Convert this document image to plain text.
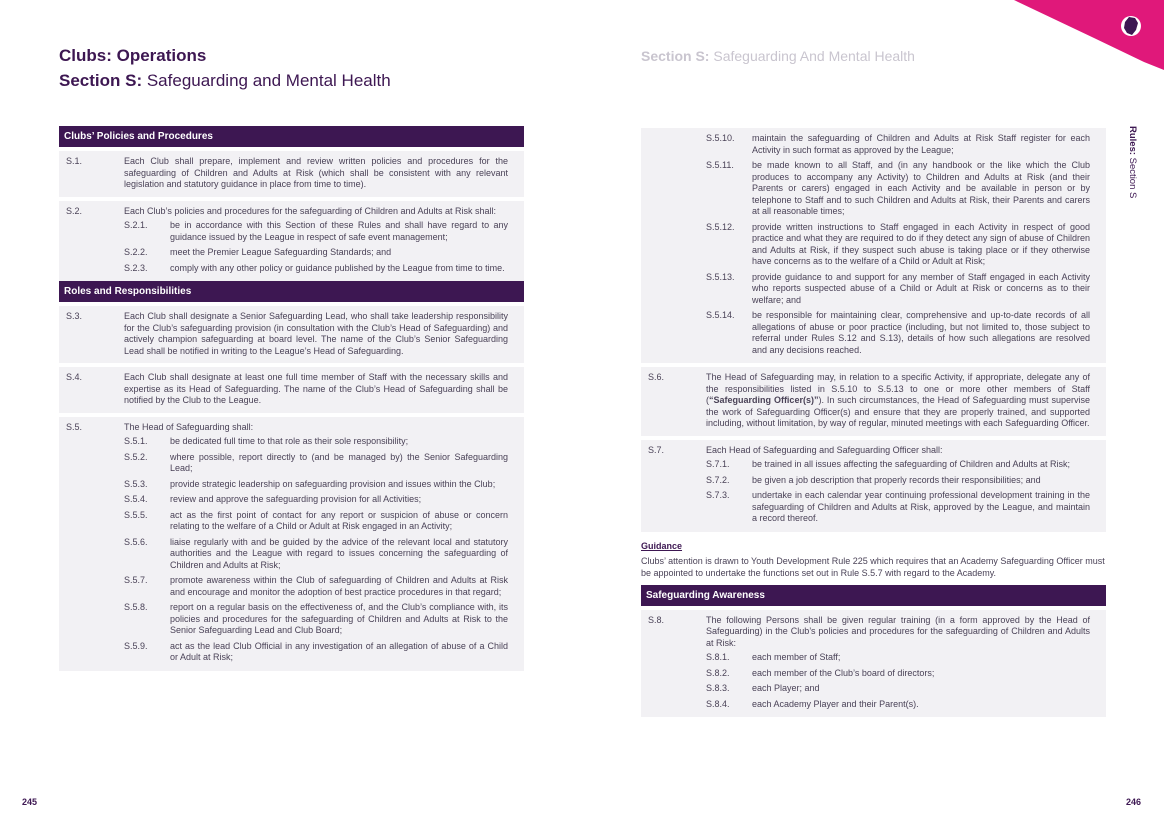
Clubs: Operations
Section S: Safeguarding and Mental Health
Section S: Safeguarding And Mental Health
Rules: Section S
Clubs’ Policies and Procedures
S.1.	Each Club shall prepare, implement and review written policies and procedures for the safeguarding of Children and Adults at Risk (which shall be consistent with any relevant legislation and statutory guidance in place from time to time).
S.2.	Each Club’s policies and procedures for the safeguarding of Children and Adults at Risk shall:
S.2.1. be in accordance with this Section of these Rules and shall have regard to any guidance issued by the League in respect of safe event management;
S.2.2. meet the Premier League Safeguarding Standards; and
S.2.3. comply with any other policy or guidance published by the League from time to time.
Roles and Responsibilities
S.3.	Each Club shall designate a Senior Safeguarding Lead, who shall take leadership responsibility for the Club’s safeguarding provision (in consultation with the Club’s Head of Safeguarding) and actively champion safeguarding at board level. The name of the Club’s Senior Safeguarding Lead shall be notified in writing to the League’s Head of Safeguarding.
S.4.	Each Club shall designate at least one full time member of Staff with the necessary skills and expertise as its Head of Safeguarding. The name of the Club’s Head of Safeguarding shall be notified by the Club to the League.
S.5.	The Head of Safeguarding shall:
S.5.1. be dedicated full time to that role as their sole responsibility;
S.5.2. where possible, report directly to (and be managed by) the Senior Safeguarding Lead;
S.5.3. provide strategic leadership on safeguarding provision and issues within the Club;
S.5.4. review and approve the safeguarding provision for all Activities;
S.5.5. act as the first point of contact for any report or suspicion of abuse or concern relating to the welfare of a Child or Adult at Risk engaged in an Activity;
S.5.6. liaise regularly with and be guided by the advice of the relevant local and statutory authorities and the League with regard to issues concerning the safeguarding of Children and Adults at Risk;
S.5.7. promote awareness within the Club of safeguarding of Children and Adults at Risk and encourage and monitor the adoption of best practice procedures in that regard;
S.5.8. report on a regular basis on the effectiveness of, and the Club’s compliance with, its policies and procedures for the safeguarding of Children and Adults at Risk to the Senior Safeguarding Lead and Club Board;
S.5.9. act as the lead Club Official in any investigation of an allegation of abuse of a Child or Adult at Risk;
S.5.10. maintain the safeguarding of Children and Adults at Risk Staff register for each Activity in such format as approved by the League;
S.5.11. be made known to all Staff, and (in any handbook or the like which the Club produces to accompany any Activity) to Children and Adults at Risk (and their Parents or carers) engaged in each Activity and be available in person or by telephone to Staff and to such Children and Adults at Risk, their Parents and carers at all reasonable times;
S.5.12. provide written instructions to Staff engaged in each Activity in respect of good practice and what they are required to do if they detect any sign of abuse of Children and Adults at Risk, if they suspect such abuse is taking place or if they otherwise have concerns as to the welfare of a Child or Adult at Risk;
S.5.13. provide guidance to and support for any member of Staff engaged in each Activity who reports suspected abuse of a Child or Adult at Risk or concerns as to their welfare; and
S.5.14. be responsible for maintaining clear, comprehensive and up-to-date records of all allegations of abuse or poor practice (including, but not limited to, those subject to referral under Rules S.12 and S.13), details of how such allegations are resolved and any decisions reached.
S.6.	The Head of Safeguarding may, in relation to a specific Activity, if appropriate, delegate any of the responsibilities listed in S.5.10 to S.5.13 to one or more other members of Staff (“Safeguarding Officer(s)”). In such circumstances, the Head of Safeguarding must supervise the work of Safeguarding Officer(s) and ensure that they are properly trained, and supported including, without limitation, by way of regular, minuted meetings with each Safeguarding Officer.
S.7.	Each Head of Safeguarding and Safeguarding Officer shall:
S.7.1. be trained in all issues affecting the safeguarding of Children and Adults at Risk;
S.7.2. be given a job description that properly records their responsibilities; and
S.7.3. undertake in each calendar year continuing professional development training in the safeguarding of Children and Adults at Risk, approved by the League, and maintain a record thereof.
Guidance
Clubs’ attention is drawn to Youth Development Rule 225 which requires that an Academy Safeguarding Officer must be appointed to undertake the functions set out in Rule S.5.7 with regard to the Academy.
Safeguarding Awareness
S.8.	The following Persons shall be given regular training (in a form approved by the Head of Safeguarding) in the Club’s policies and procedures for the safeguarding of Children and Adults at Risk:
S.8.1. each member of Staff;
S.8.2. each member of the Club’s board of directors;
S.8.3. each Player; and
S.8.4. each Academy Player and their Parent(s).
245	246
